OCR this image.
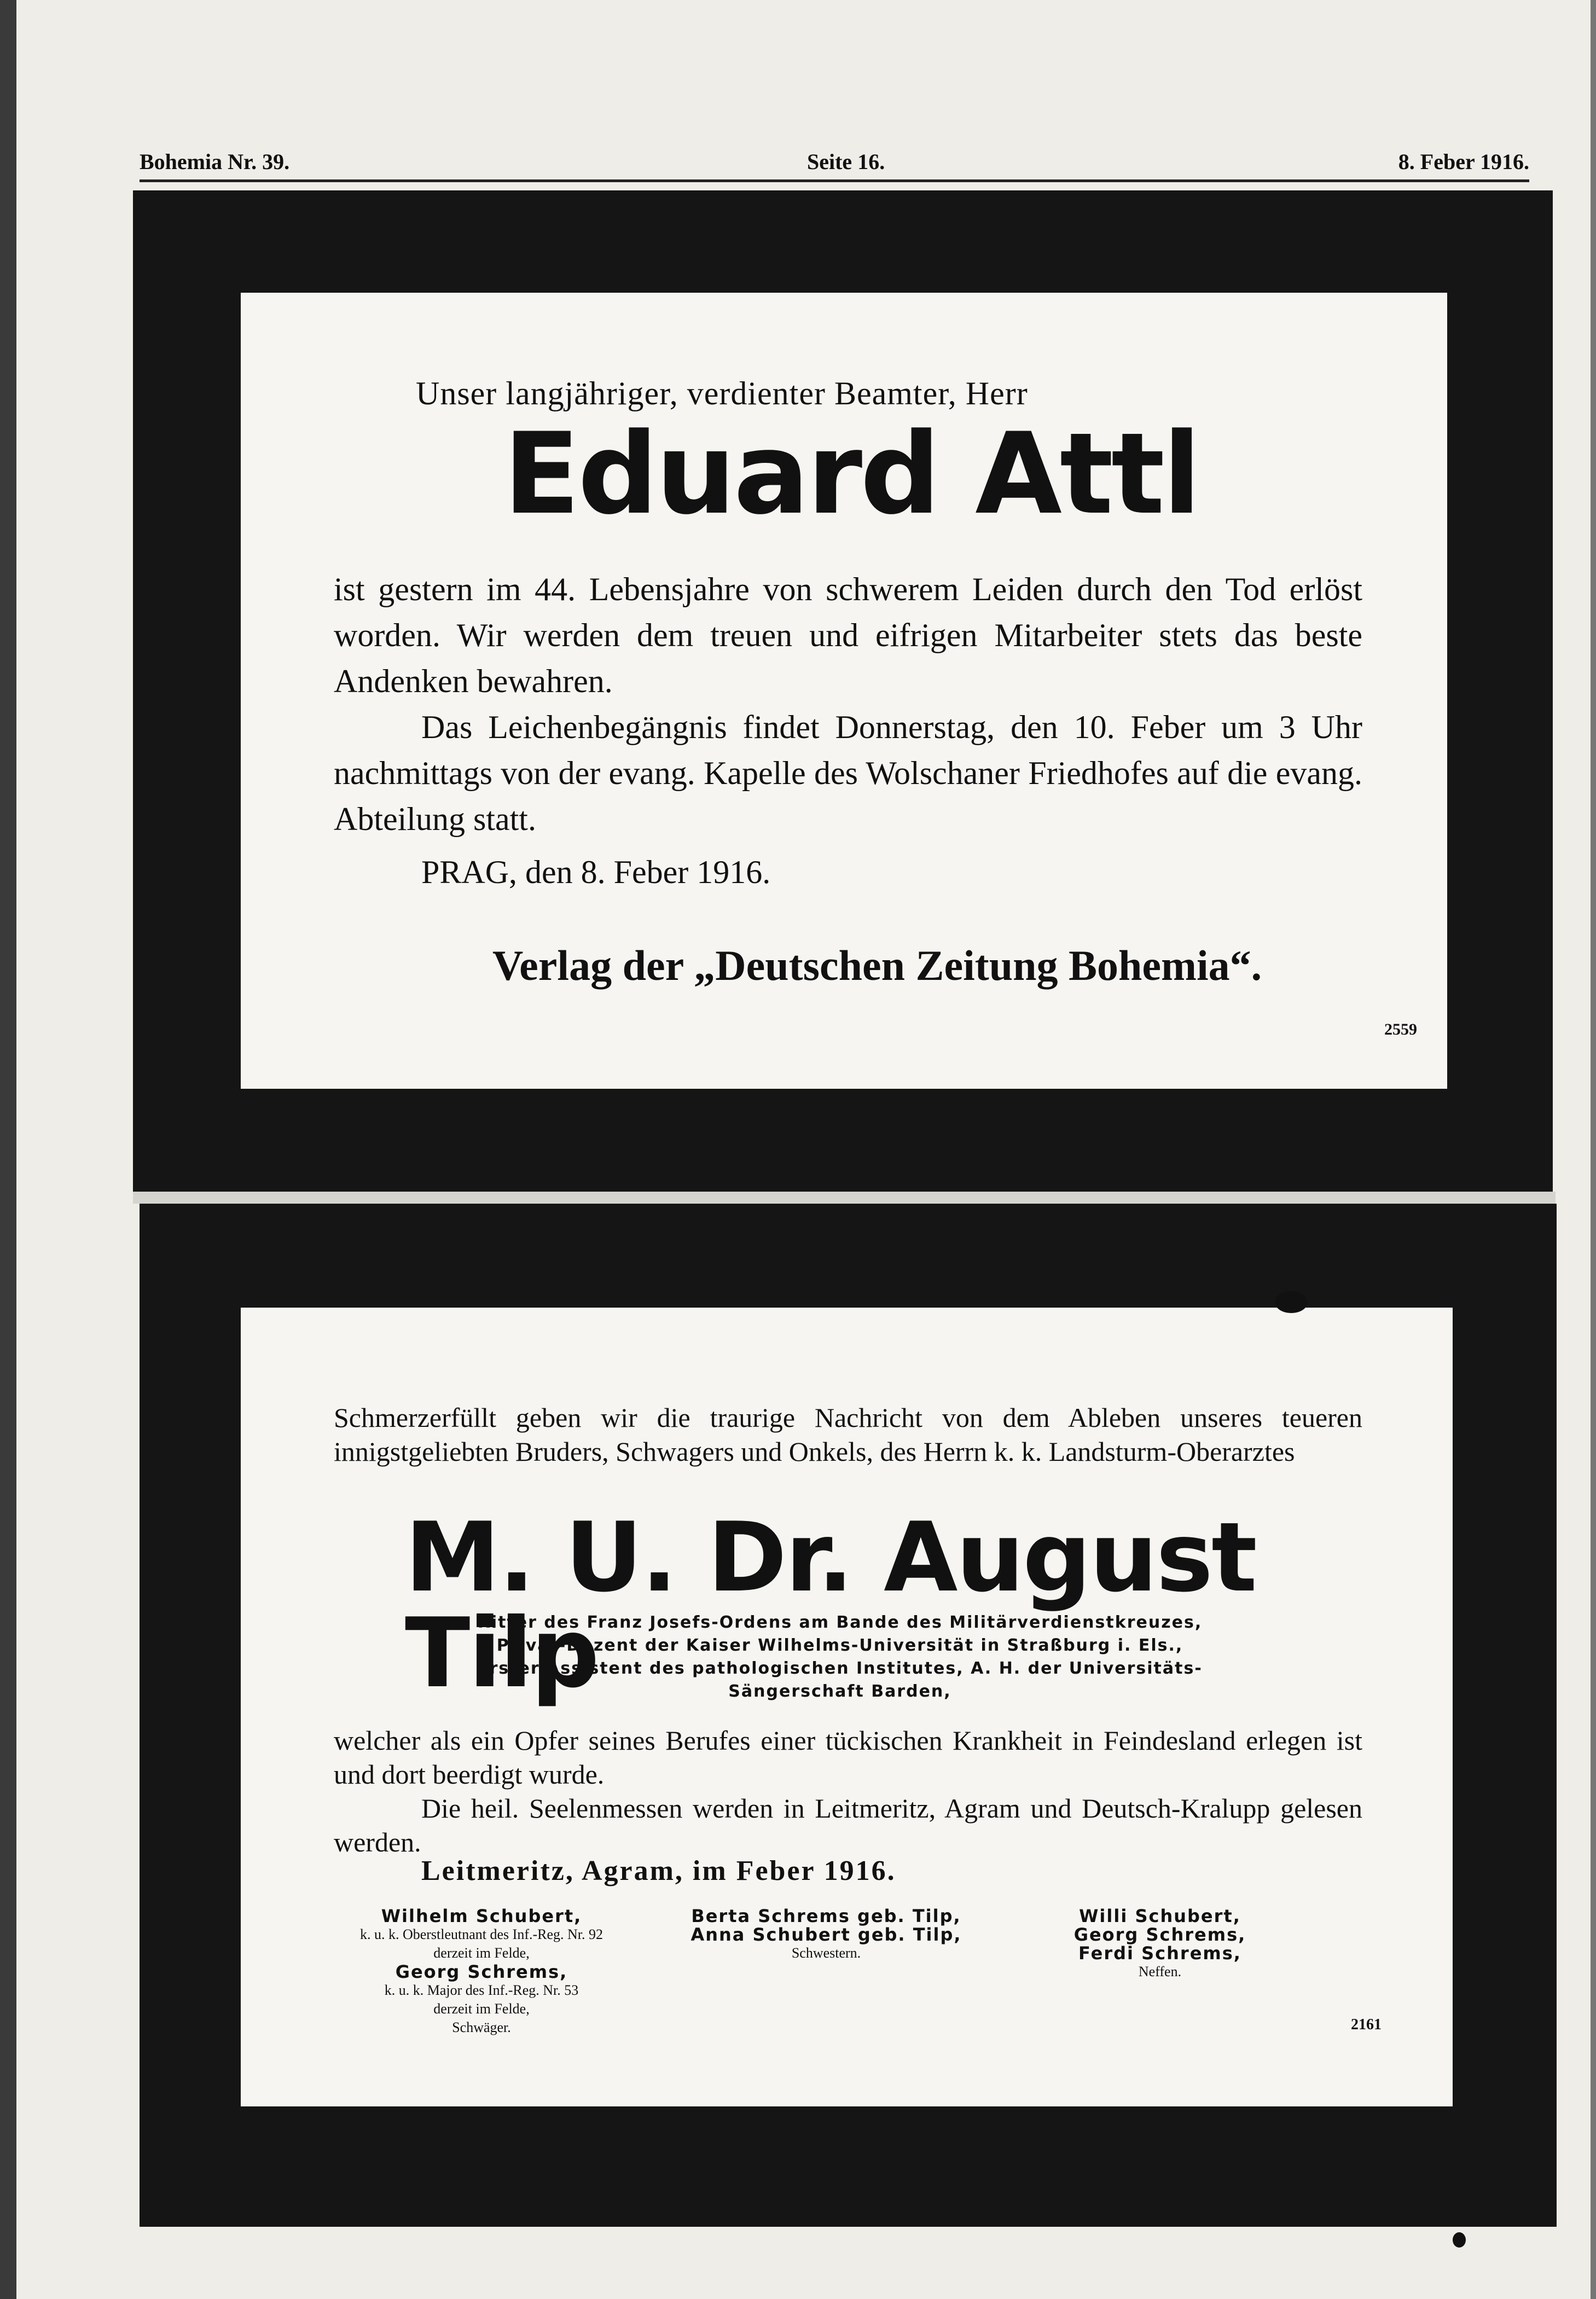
Bohemia Nr. 39.	Seite 16.	8. Feber 1916.
Unser langjähriger, verdienter Beamter, Herr
Eduard Attl

ist gestern im 44. Lebensjahre von schwerem Leiden durch den Tod erlöst worden. Wir werden dem treuen und eifrigen Mitarbeiter stets das beste Andenken bewahren.

Das Leichenbegängnis findet Donnerstag, den 10. Feber um 3 Uhr nachmittags von der evang. Kapelle des Wolschaner Friedhofes auf die evang. Abteilung statt.

PRAG, den 8. Feber 1916.
Verlag der „Deutschen Zeitung Bohemia“.
2559
Schmerzerfüllt geben wir die traurige Nachricht von dem Ableben unseres teueren innigstgeliebten Bruders, Schwagers und Onkels, des Herrn k. k. Landsturm-Oberarztes
M. U. Dr. August Tilp
Ritter des Franz Josefs-Ordens am Bande des Militärverdienstkreuzes,
Privat-Dozent der Kaiser Wilhelms-Universität in Straßburg i. Els.,
erster Assistent des pathologischen Institutes, A. H. der Universitäts-
Sängerschaft Barden,

welcher als ein Opfer seines Berufes einer tückischen Krankheit in Feindesland erlegen ist und dort beerdigt wurde.

Die heil. Seelenmessen werden in Leitmeritz, Agram und Deutsch-Kralupp gelesen werden.

Leitmeritz, Agram, im Feber 1916.
Wilhelm Schubert,
k. u. k. Oberstleutnant des Inf.-Reg. Nr. 92
derzeit im Felde,
Georg Schrems,
k. u. k. Major des Inf.-Reg. Nr. 53
derzeit im Felde,
Schwäger.
Berta Schrems geb. Tilp,
Anna Schubert geb. Tilp,
Schwestern.
Willi Schubert,
Georg Schrems,
Ferdi Schrems,
Neffen.
2161
